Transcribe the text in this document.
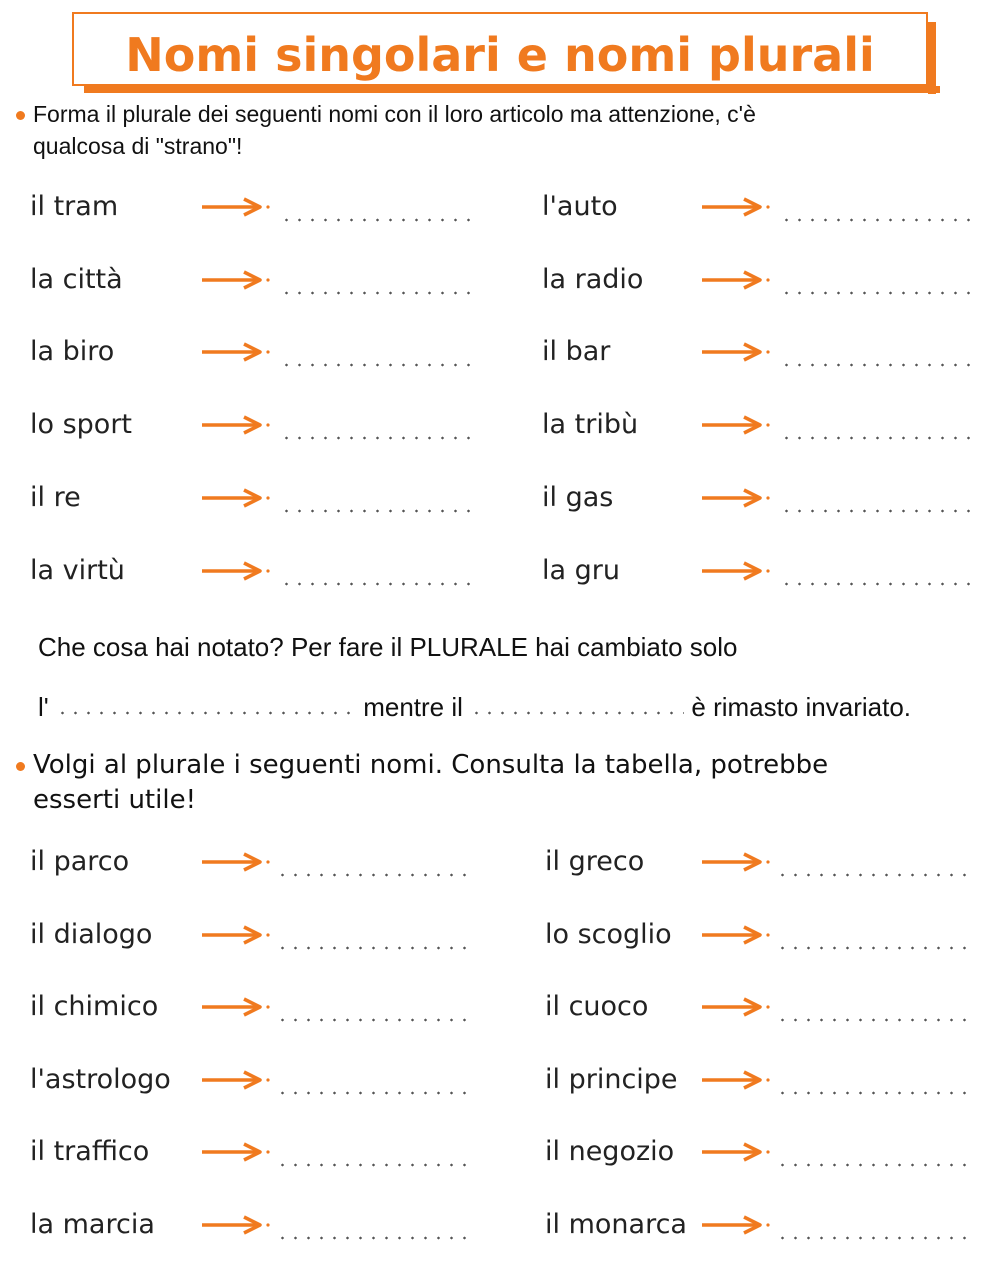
Nomi singolari e nomi plurali
Forma il plurale dei seguenti nomi con il loro articolo ma attenzione, c'è
qualcosa di "strano"!
il tram
la città
la biro
lo sport
il re
la virtù
l'auto
la radio
il bar
la tribù
il gas
la gru
Che cosa hai notato? Per fare il PLURALE hai cambiato solo
l'	mentre il	è rimasto invariato.
Volgi al plurale i seguenti nomi. Consulta la tabella, potrebbe
esserti utile!
il parco
il dialogo
il chimico
l'astrologo
il traffico
la marcia
il greco
lo scoglio
il cuoco
il principe
il negozio
il monarca
